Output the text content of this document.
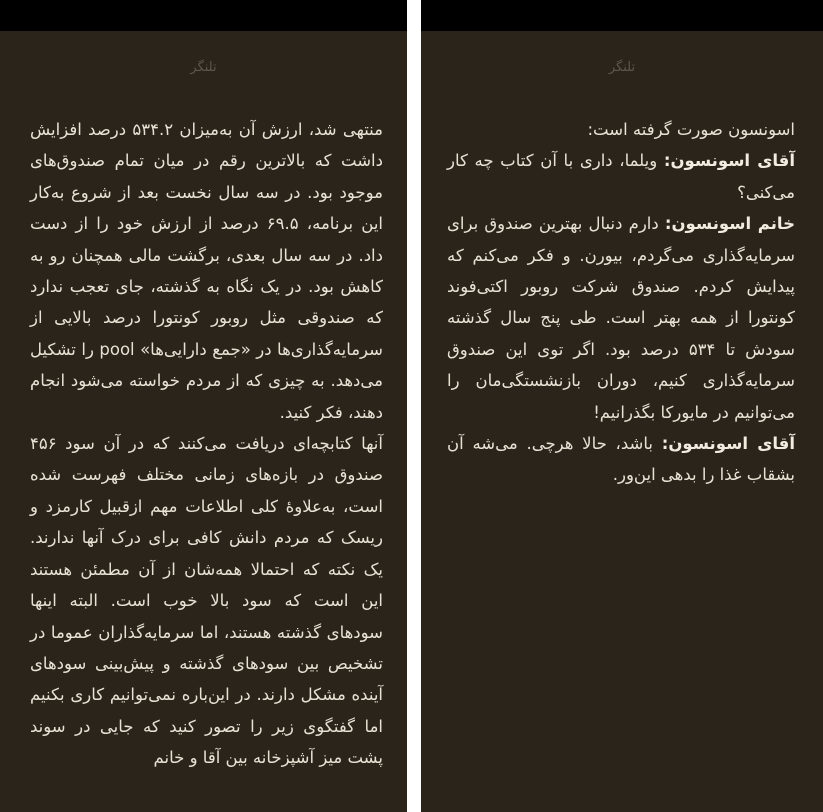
تلنگر

منتهی شد، ارزش آن به‌میزان ۵۳۴.۲ درصد افزایش داشت که بالاترین رقم در میان تمام صندوق‌های موجود بود. در سه سال نخست بعد از شروع به‌کار این برنامه، ۶۹.۵ درصد از ارزش خود را از دست داد. در سه سال بعدی، برگشت مالی همچنان رو به کاهش بود. در یک نگاه به گذشته، جای تعجب ندارد که صندوقی مثل روبور کونتورا درصد بالایی از سرمایه‌گذاری‌ها در «جمع دارایی‌ها» pool را تشکیل می‌دهد. به چیزی که از مردم خواسته می‌شود انجام دهند، فکر کنید.

آنها کتابچه‌ای دریافت می‌کنند که در آن سود ۴۵۶ صندوق در بازه‌های زمانی مختلف فهرست شده است، به‌علاوهٔ کلی اطلاعات مهم ازقبیل کارمزد و ریسک که مردم دانش کافی برای درک آنها ندارند. یک نکته که احتمالا همه‌شان از آن مطمئن هستند این است که سود بالا خوب است. البته اینها سودهای گذشته هستند، اما سرمایه‌گذاران عموما در تشخیص بین سودهای گذشته و پیش‌بینی سودهای آینده مشکل دارند. در این‌باره نمی‌توانیم کاری بکنیم اما گفتگوی زیر را تصور کنید که جایی در سوند پشت میز آشپزخانه بین آقا و خانم

تلنگر

اسونسون صورت گرفته است:

آقای اسونسون: ویلما، داری با آن کتاب چه کار می‌کنی؟

خانم اسونسون: دارم دنبال بهترین صندوق برای سرمایه‌گذاری می‌گردم، بیورن. و فکر می‌کنم که پیدایش کردم. صندوق شرکت روبور اکتی‌فوند کونتورا از همه بهتر است. طی پنج سال گذشته سودش تا ۵۳۴ درصد بود. اگر توی این صندوق سرمایه‌گذاری کنیم، دوران بازنشستگی‌مان را می‌توانیم در مایورکا بگذرانیم!

آقای اسونسون: باشد، حالا هرچی. می‌شه آن بشقاب غذا را بدهی این‌ور.
